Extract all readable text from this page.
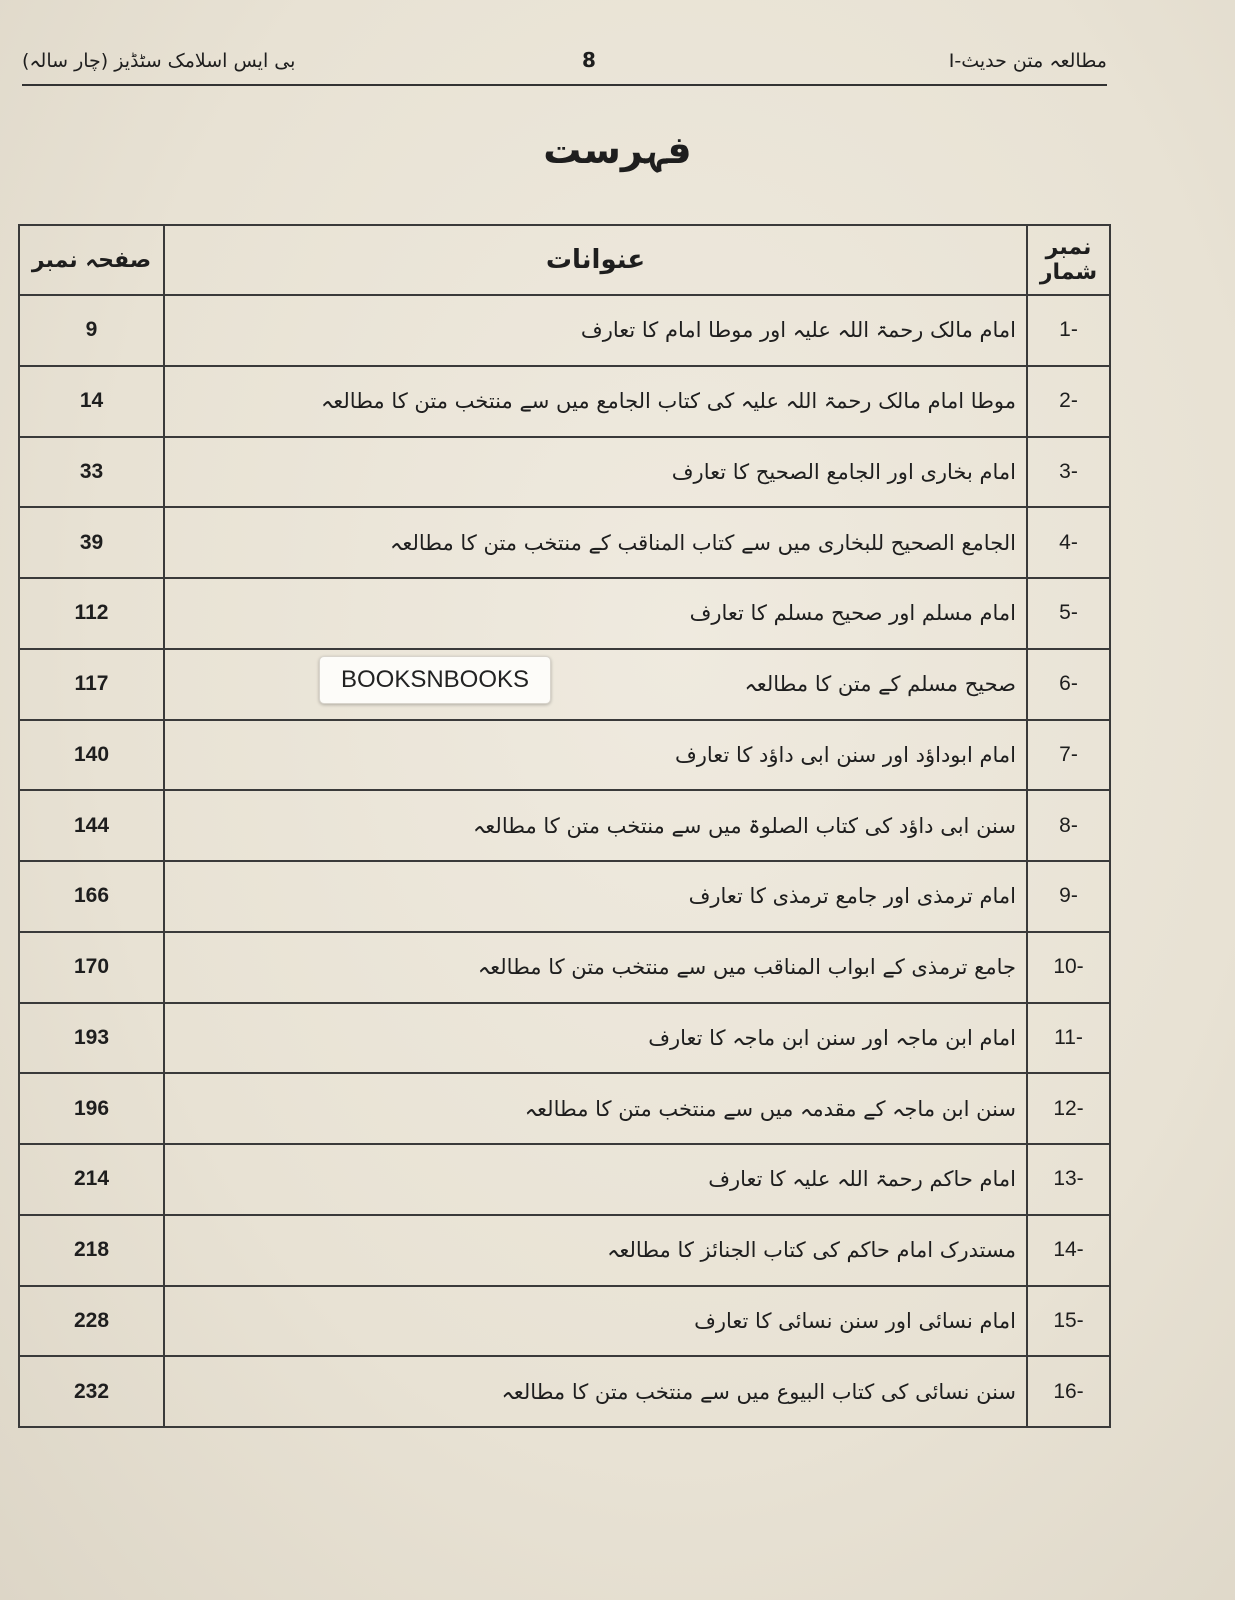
مطالعہ متن حدیث-I
8
بی ایس اسلامک سٹڈیز (چار سالہ)
فہرست
نمبر شمار	عنوانات	صفحہ نمبر
-1	امام مالک رحمۃ اللہ علیہ اور موطا امام کا تعارف	9
-2	موطا امام مالک رحمۃ اللہ علیہ کی کتاب الجامع میں سے منتخب متن کا مطالعہ	14
-3	امام بخاری اور الجامع الصحیح کا تعارف	33
-4	الجامع الصحیح للبخاری میں سے کتاب المناقب کے منتخب متن کا مطالعہ	39
-5	امام مسلم اور صحیح مسلم کا تعارف	112
-6	صحیح مسلم کے متن کا مطالعہ	117
-7	امام ابوداؤد اور سنن ابی داؤد کا تعارف	140
-8	سنن ابی داؤد کی کتاب الصلوۃ میں سے منتخب متن کا مطالعہ	144
-9	امام ترمذی اور جامع ترمذی کا تعارف	166
-10	جامع ترمذی کے ابواب المناقب میں سے منتخب متن کا مطالعہ	170
-11	امام ابن ماجہ اور سنن ابن ماجہ کا تعارف	193
-12	سنن ابن ماجہ کے مقدمہ میں سے منتخب متن کا مطالعہ	196
-13	امام حاکم رحمۃ اللہ علیہ کا تعارف	214
-14	مستدرک امام حاکم کی کتاب الجنائز کا مطالعہ	218
-15	امام نسائی اور سنن نسائی کا تعارف	228
-16	سنن نسائی کی کتاب البیوع میں سے منتخب متن کا مطالعہ	232
BOOKSNBOOKS
